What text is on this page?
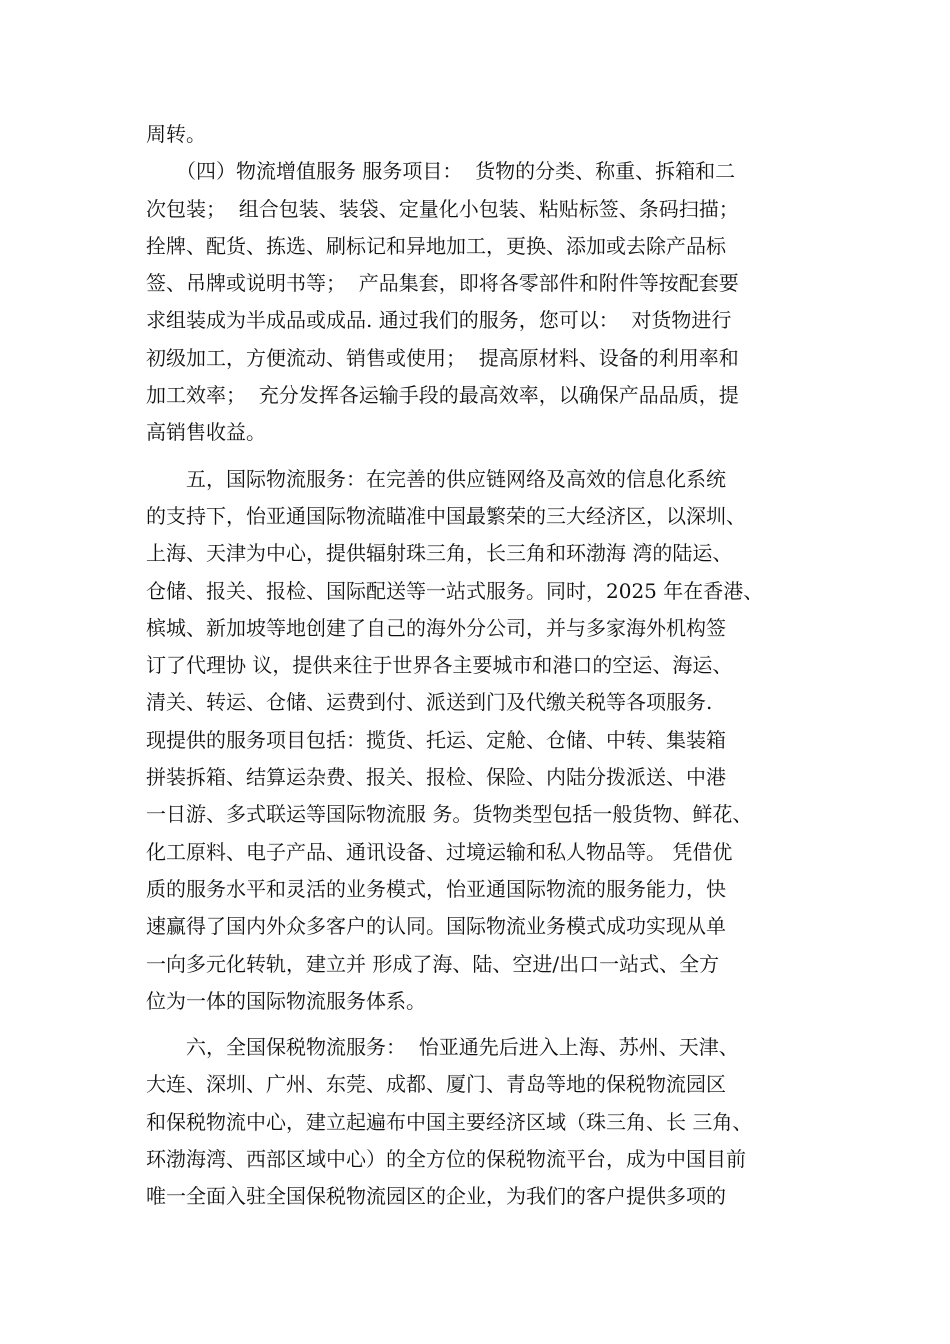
周转。

　　（四）物流增值服务 服务项目：  货物的分类、称重、拆箱和二

次包装；  组合包装、装袋、定量化小包装、粘贴标签、条码扫描；

拴牌、配货、拣选、刷标记和异地加工，更换、添加或去除产品标

签、吊牌或说明书等；  产品集套，即将各零部件和附件等按配套要

求组装成为半成品或成品. 通过我们的服务，您可以：  对货物进行

初级加工，方便流动、销售或使用；  提高原材料、设备的利用率和

加工效率；  充分发挥各运输手段的最高效率，以确保产品品质，提

高销售收益。

　　五，国际物流服务：在完善的供应链网络及高效的信息化系统

的支持下，怡亚通国际物流瞄准中国最繁荣的三大经济区，以深圳、

上海、天津为中心，提供辐射珠三角，长三角和环渤海 湾的陆运、

仓储、报关、报检、国际配送等一站式服务。同时，2025 年在香港、

槟城、新加坡等地创建了自己的海外分公司，并与多家海外机构签

订了代理协 议，提供来往于世界各主要城市和港口的空运、海运、

清关、转运、仓储、运费到付、派送到门及代缴关税等各项服务.

现提供的服务项目包括：揽货、托运、定舱、仓储、中转、集装箱

拼装拆箱、结算运杂费、报关、报检、保险、内陆分拨派送、中港

一日游、多式联运等国际物流服 务。货物类型包括一般货物、鲜花、

化工原料、电子产品、通讯设备、过境运输和私人物品等。 凭借优

质的服务水平和灵活的业务模式，怡亚通国际物流的服务能力，快

速赢得了国内外众多客户的认同。国际物流业务模式成功实现从单

一向多元化转轨，建立并 形成了海、陆、空进/出口一站式、全方

位为一体的国际物流服务体系。

　　六，全国保税物流服务：  怡亚通先后进入上海、苏州、天津、

大连、深圳、广州、东莞、成都、厦门、青岛等地的保税物流园区

和保税物流中心，建立起遍布中国主要经济区域（珠三角、长 三角、

环渤海湾、西部区域中心）的全方位的保税物流平台，成为中国目前

唯一全面入驻全国保税物流园区的企业，为我们的客户提供多项的
